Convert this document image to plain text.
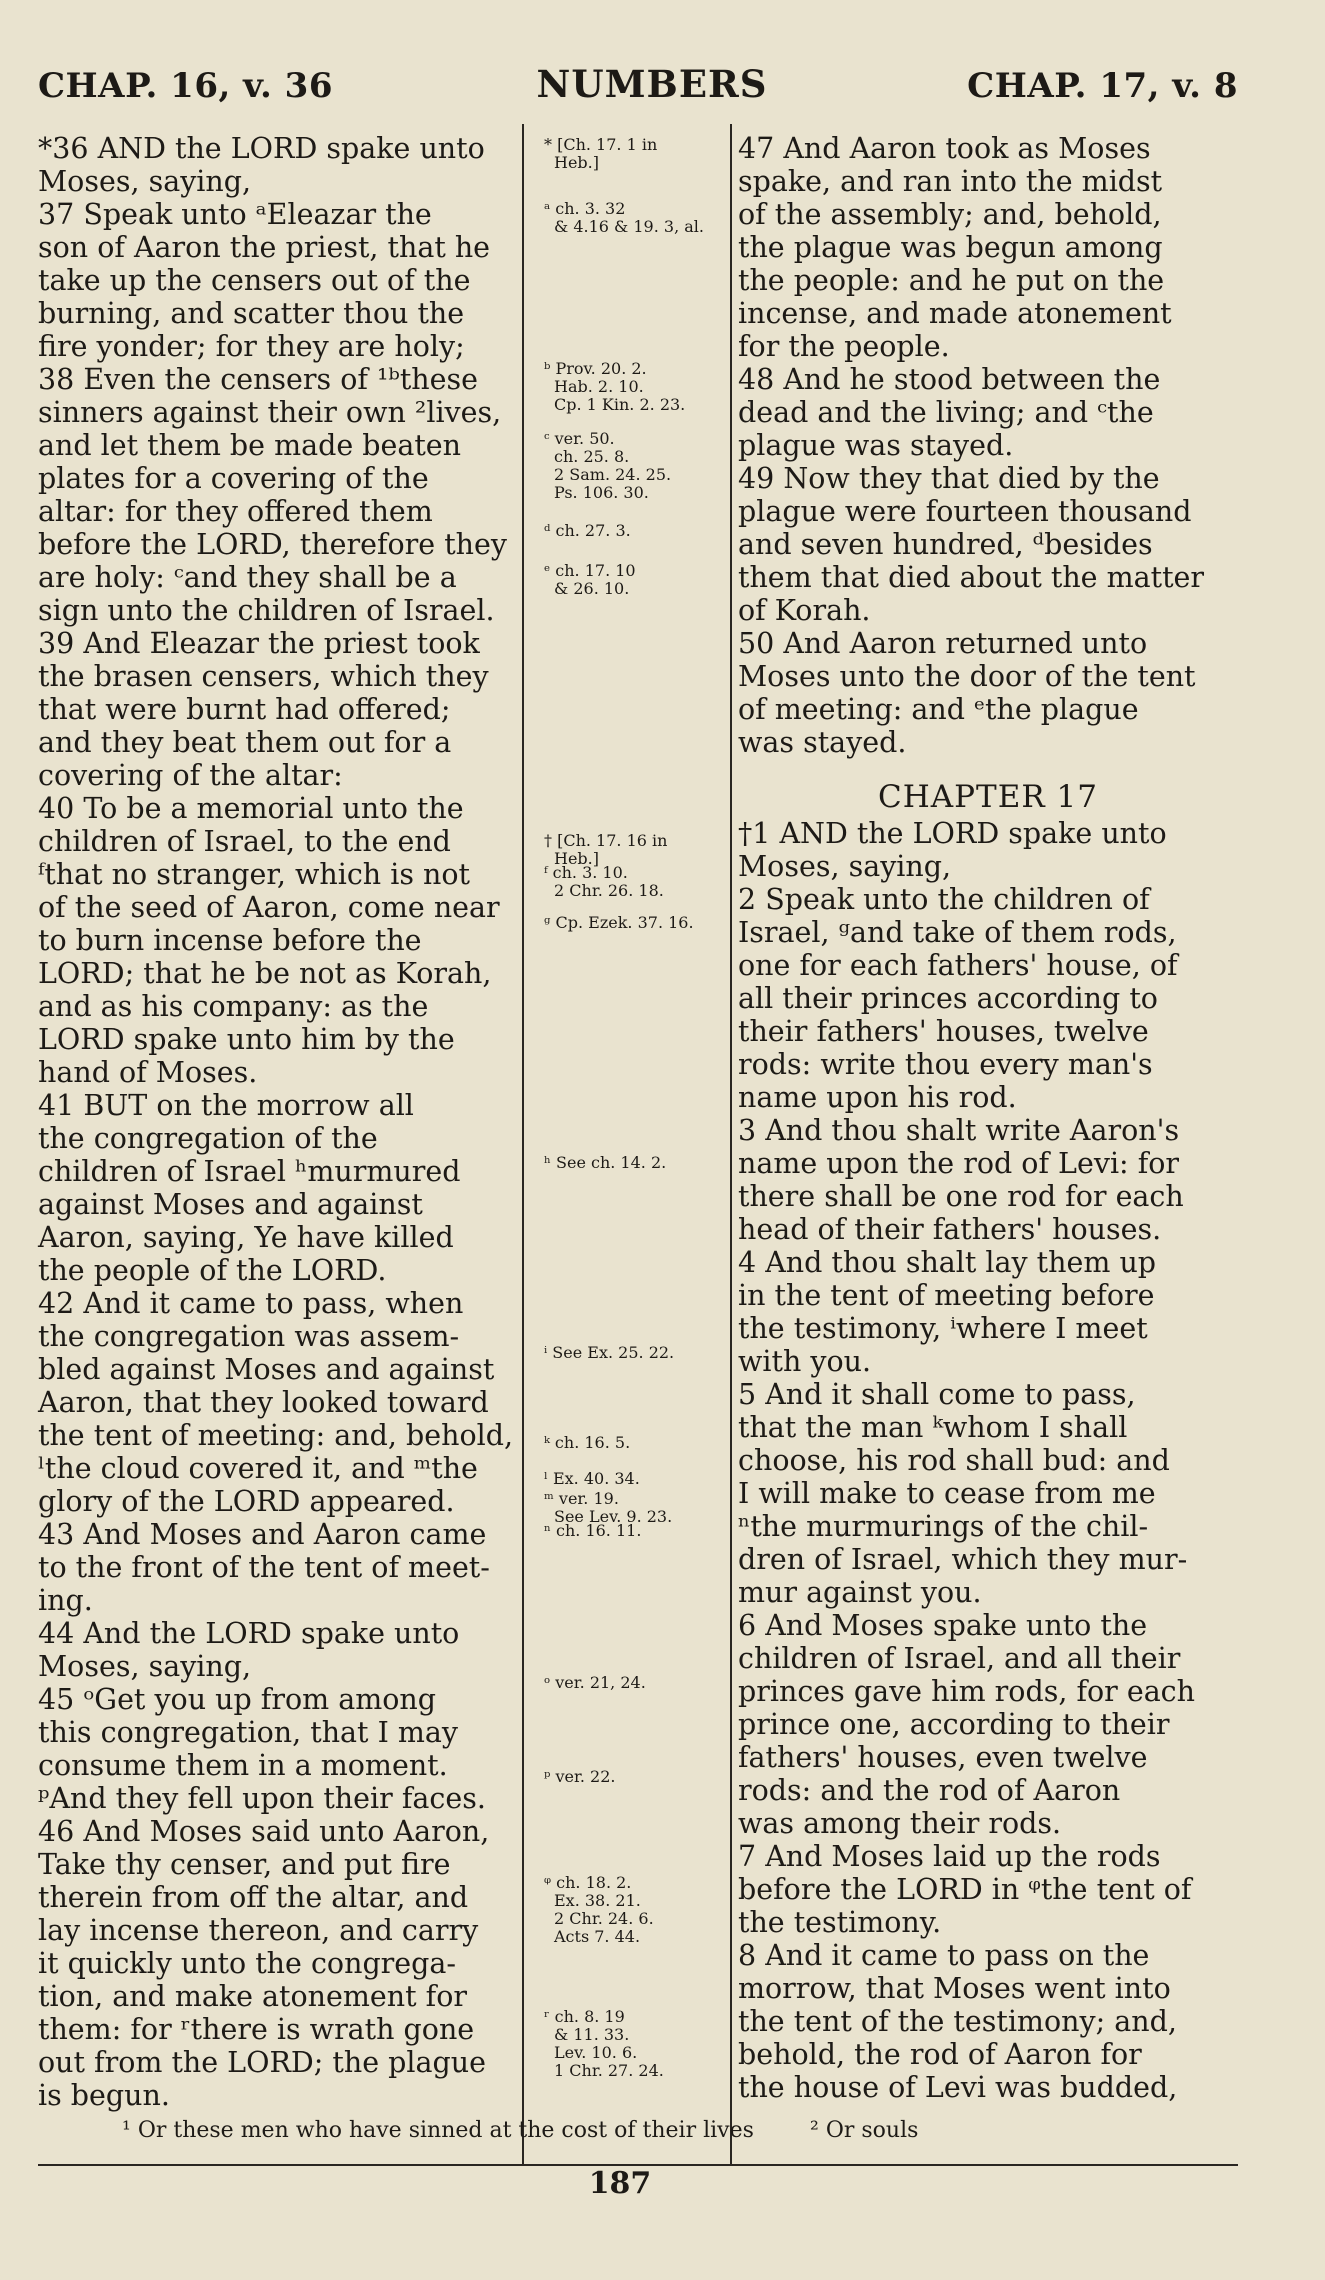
CHAP. 16, v. 36	NUMBERS	CHAP. 17, v. 8
*36 AND the LORD spake unto
Moses, saying,
37 Speak unto ᵃEleazar the
son of Aaron the priest, that he
take up the censers out of the
burning, and scatter thou the
fire yonder; for they are holy;
38 Even the censers of ¹ᵇthese
sinners against their own ²lives,
and let them be made beaten
plates for a covering of the
altar: for they offered them
before the LORD, therefore they
are holy: ᶜand they shall be a
sign unto the children of Israel.
39 And Eleazar the priest took
the brasen censers, which they
that were burnt had offered;
and they beat them out for a
covering of the altar:
40 To be a memorial unto the
children of Israel, to the end
ᶠthat no stranger, which is not
of the seed of Aaron, come near
to burn incense before the
LORD; that he be not as Korah,
and as his company: as the
LORD spake unto him by the
hand of Moses.
41 BUT on the morrow all
the congregation of the
children of Israel ʰmurmured
against Moses and against
Aaron, saying, Ye have killed
the people of the LORD.
42 And it came to pass, when
the congregation was assem-
bled against Moses and against
Aaron, that they looked toward
the tent of meeting: and, behold,
ˡthe cloud covered it, and ᵐthe
glory of the LORD appeared.
43 And Moses and Aaron came
to the front of the tent of meet-
ing.
44 And the LORD spake unto
Moses, saying,
45 ᵒGet you up from among
this congregation, that I may
consume them in a moment.
ᵖAnd they fell upon their faces.
46 And Moses said unto Aaron,
Take thy censer, and put fire
therein from off the altar, and
lay incense thereon, and carry
it quickly unto the congrega-
tion, and make atonement for
them: for ʳthere is wrath gone
out from the LORD; the plague
is begun.
* [Ch. 17. 1 in
Heb.]
ᵃ ch. 3. 32
& 4.16 & 19. 3, al.
ᵇ Prov. 20. 2.
Hab. 2. 10.
Cp. 1 Kin. 2. 23.
ᶜ ver. 50.
ch. 25. 8.
2 Sam. 24. 25.
Ps. 106. 30.
ᵈ ch. 27. 3.
ᵉ ch. 17. 10
& 26. 10.
† [Ch. 17. 16 in
Heb.]
ᶠ ch. 3. 10.
2 Chr. 26. 18.
ᵍ Cp. Ezek. 37. 16.
ʰ See ch. 14. 2.
ⁱ See Ex. 25. 22.
ᵏ ch. 16. 5.
ˡ Ex. 40. 34.
ᵐ ver. 19.
See Lev. 9. 23.
ⁿ ch. 16. 11.
ᵒ ver. 21, 24.
ᵖ ver. 22.
ᵠ ch. 18. 2.
Ex. 38. 21.
2 Chr. 24. 6.
Acts 7. 44.
ʳ ch. 8. 19
& 11. 33.
Lev. 10. 6.
1 Chr. 27. 24.
47 And Aaron took as Moses
spake, and ran into the midst
of the assembly; and, behold,
the plague was begun among
the people: and he put on the
incense, and made atonement
for the people.
48 And he stood between the
dead and the living; and ᶜthe
plague was stayed.
49 Now they that died by the
plague were fourteen thousand
and seven hundred, ᵈbesides
them that died about the matter
of Korah.
50 And Aaron returned unto
Moses unto the door of the tent
of meeting: and ᵉthe plague
was stayed.
CHAPTER 17
†1 AND the LORD spake unto
Moses, saying,
2 Speak unto the children of
Israel, ᵍand take of them rods,
one for each fathers' house, of
all their princes according to
their fathers' houses, twelve
rods: write thou every man's
name upon his rod.
3 And thou shalt write Aaron's
name upon the rod of Levi: for
there shall be one rod for each
head of their fathers' houses.
4 And thou shalt lay them up
in the tent of meeting before
the testimony, ⁱwhere I meet
with you.
5 And it shall come to pass,
that the man ᵏwhom I shall
choose, his rod shall bud: and
I will make to cease from me
ⁿthe murmurings of the chil-
dren of Israel, which they mur-
mur against you.
6 And Moses spake unto the
children of Israel, and all their
princes gave him rods, for each
prince one, according to their
fathers' houses, even twelve
rods: and the rod of Aaron
was among their rods.
7 And Moses laid up the rods
before the LORD in ᵠthe tent of
the testimony.
8 And it came to pass on the
morrow, that Moses went into
the tent of the testimony; and,
behold, the rod of Aaron for
the house of Levi was budded,
¹ Or these men who have sinned at the cost of their lives	² Or souls
187
